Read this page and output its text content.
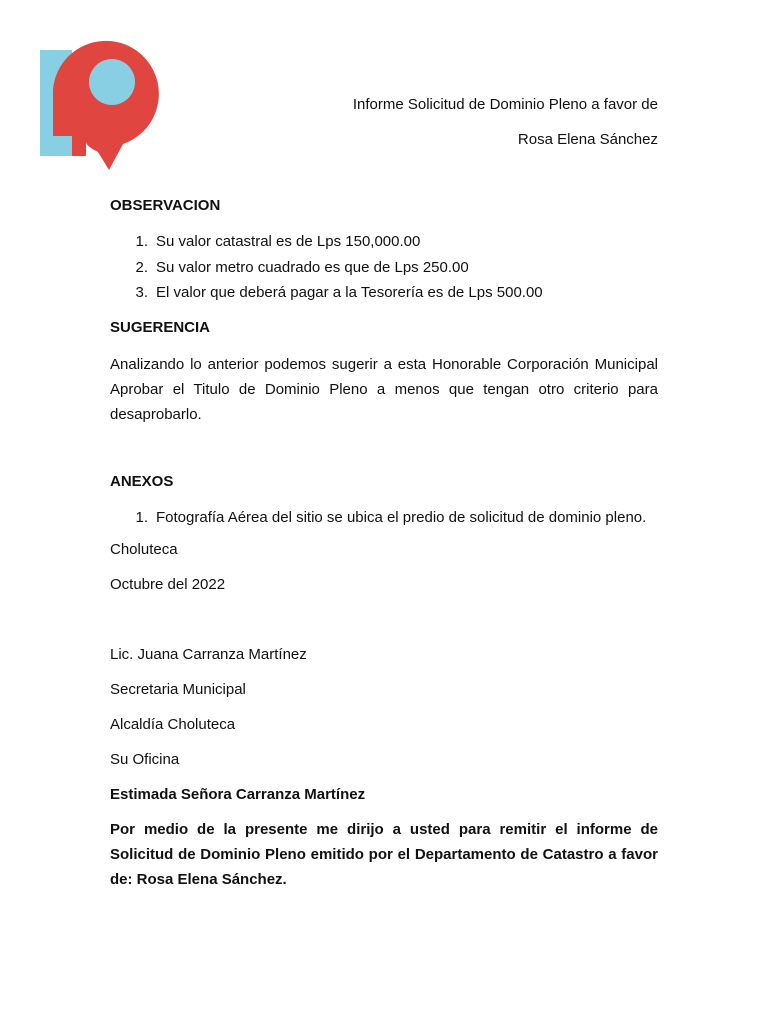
Informe Solicitud de Dominio Pleno a favor de
Rosa Elena Sánchez

OBSERVACION

1. Su valor catastral es de Lps 150,000.00
2. Su valor metro cuadrado es que de Lps 250.00
3. El valor que deberá pagar a la Tesorería es de Lps 500.00

SUGERENCIA

Analizando lo anterior podemos sugerir a esta Honorable Corporación Municipal Aprobar el Titulo de Dominio Pleno a menos que tengan otro criterio para desaprobarlo.

ANEXOS

1. Fotografía Aérea del sitio se ubica el predio de solicitud de dominio pleno.

Choluteca

Octubre del 2022

Lic. Juana Carranza Martínez

Secretaria Municipal

Alcaldía Choluteca

Su Oficina

Estimada Señora Carranza Martínez

Por medio de la presente me dirijo a usted para remitir el informe de Solicitud de Dominio Pleno emitido por el Departamento de Catastro a favor de: Rosa Elena Sánchez.
